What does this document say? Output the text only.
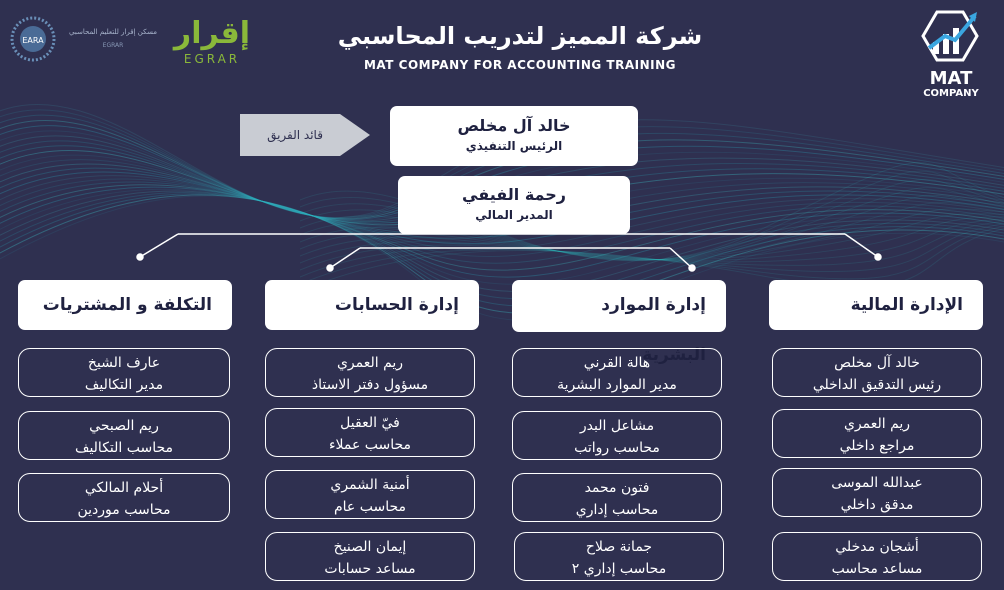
EARA
مسكن إقرار للتعليم المحاسبي
EGRAR	إقرار
EGRAR
MAT
COMPANY
شركة المميز لتدريب المحاسبي
MAT COMPANY FOR ACCOUNTING TRAINING
قائد الفريق	خالد آل مخلص
الرئيس التنفيذي
رحمة الفيفي
المدير المالي
الإدارة المالية
إدارة الموارد البشرية
إدارة الحسابات
التكلفة و المشتريات
خالد آل مخلص
رئيس التدقيق الداخلي
ريم العمري
مراجع داخلي
عبدالله الموسى
مدقق داخلي
أشجان مدخلي
مساعد محاسب
هالة القرني
مدير الموارد البشرية
مشاعل البدر
محاسب رواتب
فتون محمد
محاسب إداري
جمانة صلاح
محاسب إداري ٢
ريم العمري
مسؤول دفتر الاستاذ
فيّ العقيل
محاسب عملاء
أمنية الشمري
محاسب عام
إيمان الصنيخ
مساعد حسابات
عارف الشيخ
مدير التكاليف
ريم الصبحي
محاسب التكاليف
أحلام المالكي
محاسب موردين
